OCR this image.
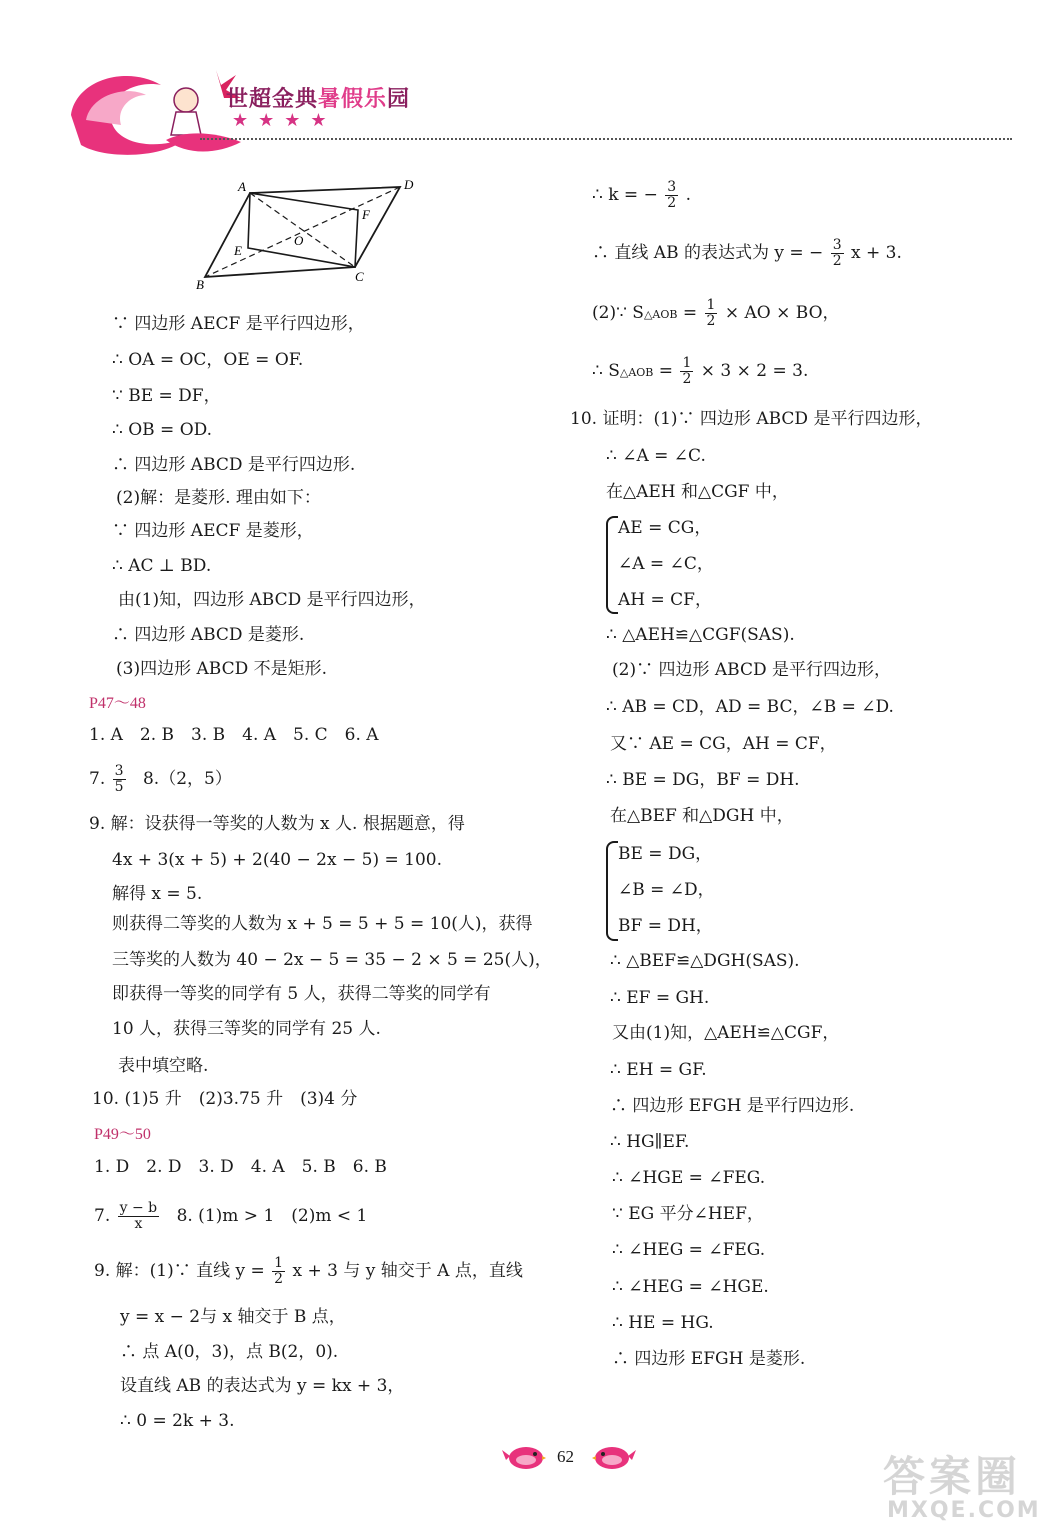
世超金典暑假乐园
★★★★
A	D
B
C
E
F
O
∵ 四边形 AECF 是平行四边形，
∴ OA = OC，OE = OF.
∵ BE = DF，
∴ OB = OD.
∴ 四边形 ABCD 是平行四边形.
(2)解：是菱形. 理由如下：
∵ 四边形 AECF 是菱形，
∴ AC ⊥ BD.
由(1)知，四边形 ABCD 是平行四边形，
∴ 四边形 ABCD 是菱形.
(3)四边形 ABCD 不是矩形.
P47～48
1. A　2. B　3. B　4. A　5. C　6. A
7. $\frac{3}{5} 8.(2$，5）
9. 解：设获得一等奖的人数为 x 人. 根据题意，得
4x + 3(x + 5) + 2(40 − 2x − 5) = 100.
解得 x = 5.
则获得二等奖的人数为 x + 5 = 5 + 5 = 10(人)，获得
三等奖的人数为 40 − 2x − 5 = 35 − 2 × 5 = 25(人)，
即获得一等奖的同学有 5 人，获得二等奖的同学有
10 人，获得三等奖的同学有 25 人.
表中填空略.
10. (1)5 升　(2)3.75 升　(3)4 分
P49～50
1. D　2. D　3. D　4. A　5. B　6. B
7. $\frac{y - b}{x} 8$. (1)m > 1　(2)m < 1
9. 解：(1)∵ 直线 $y = \frac{1}{2}$ x + 3 与 y 轴交于 A 点，直线
y = x − 2与 x 轴交于 B 点，
∴ 点 A(0，3)，点 B(2，0).
设直线 AB 的表达式为 y = kx + 3，
∴ 0 = 2k + 3.
∴ k = − $\frac{3}{2}$ .
∴ 直线 AB 的表达式为 y = − $\frac{3}{2}$ x + 3.
(2)∵ S△AOB = $\frac{1}{2}$ × AO × BO，
∴ S△AOB = $\frac{1}{2} \times 3 \times 2 = 3$.
10. 证明：(1)∵ 四边形 ABCD 是平行四边形，
∴ ∠A = ∠C.
在△AEH 和△CGF 中，
AE = CG，
∠A = ∠C，
AH = CF，
∴ △AEH≌△CGF(SAS).
(2)∵ 四边形 ABCD 是平行四边形，
∴ AB = CD，AD = BC，∠B = ∠D.
又∵ AE = CG，AH = CF，
∴ BE = DG，BF = DH.
在△BEF 和△DGH 中，
BE = DG，
∠B = ∠D，
BF = DH，
∴ △BEF≌△DGH(SAS).
∴ EF = GH.
又由(1)知，△AEH≌△CGF，
∴ EH = GF.
∴ 四边形 EFGH 是平行四边形.
∴ HG∥EF.
∴ ∠HGE = ∠FEG.
∵ EG 平分∠HEF，
∴ ∠HEG = ∠FEG.
∴ ∠HEG = ∠HGE.
∴ HE = HG.
∴ 四边形 EFGH 是菱形.
62	答案圈
MXQE.COM
